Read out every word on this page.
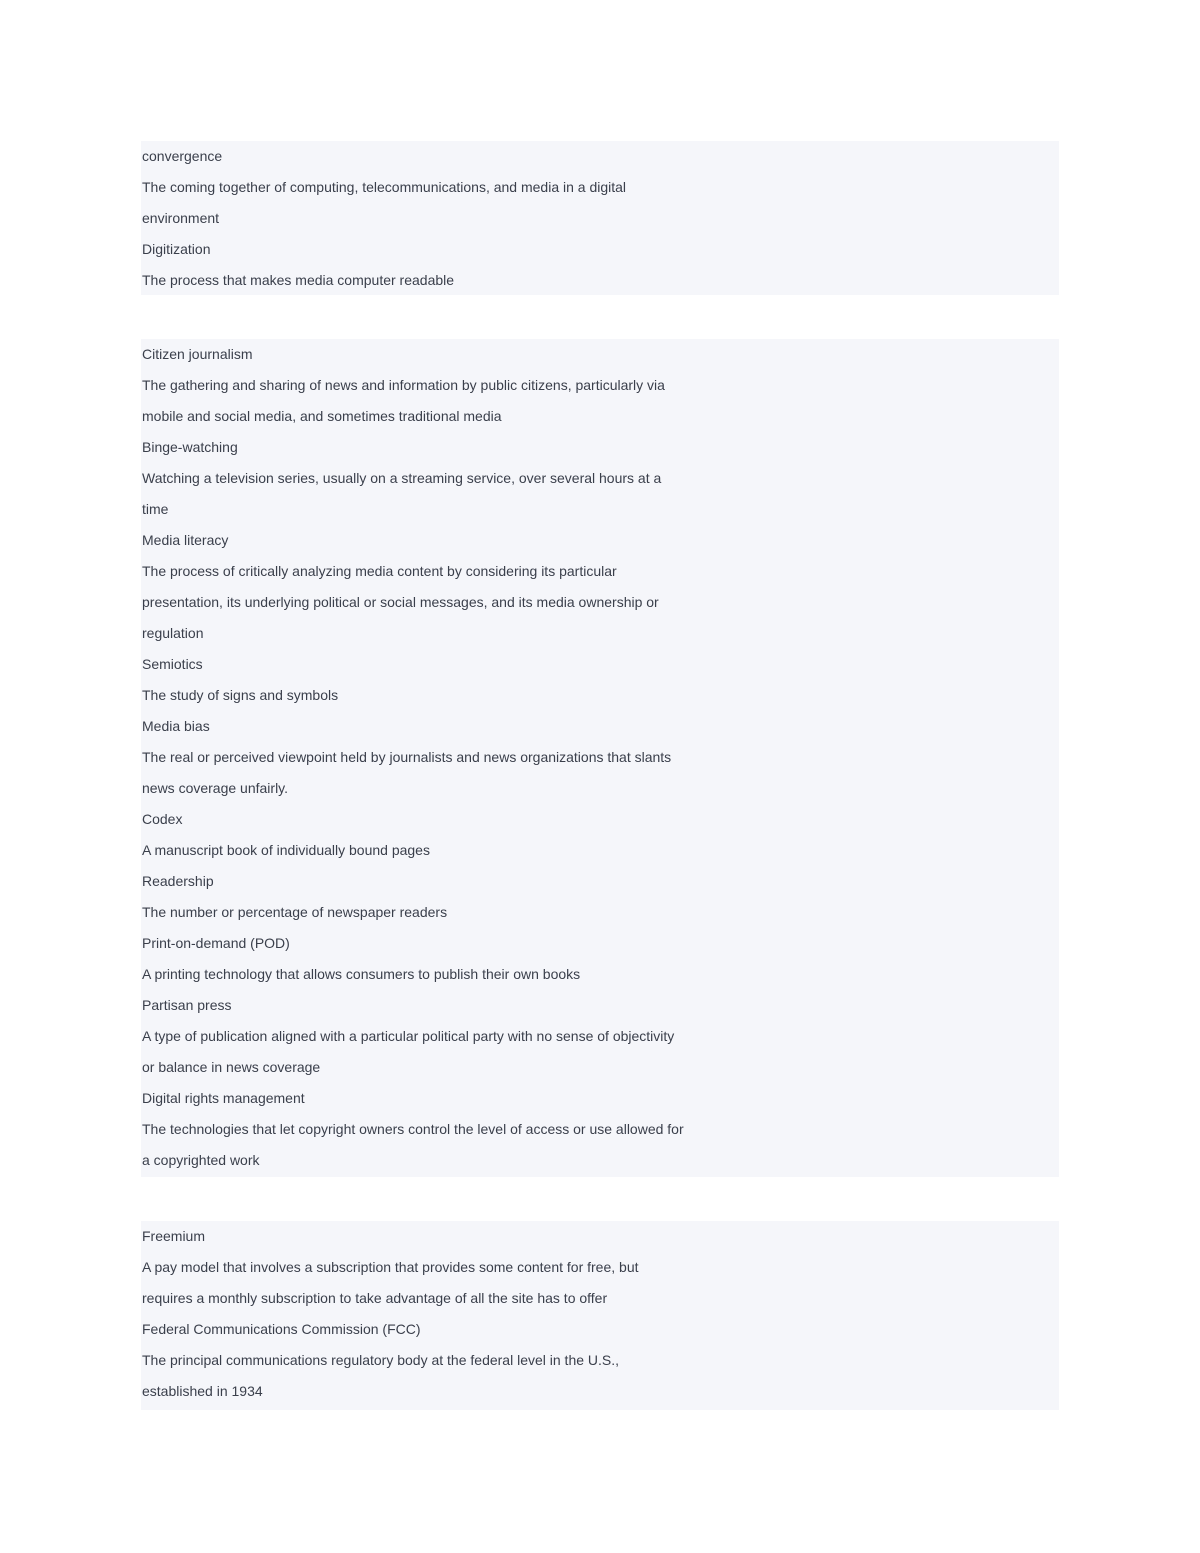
convergence
The coming together of computing, telecommunications, and media in a digital
environment
Digitization
The process that makes media computer readable
Citizen journalism
The gathering and sharing of news and information by public citizens, particularly via
mobile and social media, and sometimes traditional media
Binge-watching
Watching a television series, usually on a streaming service, over several hours at a
time
Media literacy
The process of critically analyzing media content by considering its particular
presentation, its underlying political or social messages, and its media ownership or
regulation
Semiotics
The study of signs and symbols
Media bias
The real or perceived viewpoint held by journalists and news organizations that slants
news coverage unfairly.
Codex
A manuscript book of individually bound pages
Readership
The number or percentage of newspaper readers
Print-on-demand (POD)
A printing technology that allows consumers to publish their own books
Partisan press
A type of publication aligned with a particular political party with no sense of objectivity
or balance in news coverage
Digital rights management
The technologies that let copyright owners control the level of access or use allowed for
a copyrighted work
Freemium
A pay model that involves a subscription that provides some content for free, but
requires a monthly subscription to take advantage of all the site has to offer
Federal Communications Commission (FCC)
The principal communications regulatory body at the federal level in the U.S.,
established in 1934
